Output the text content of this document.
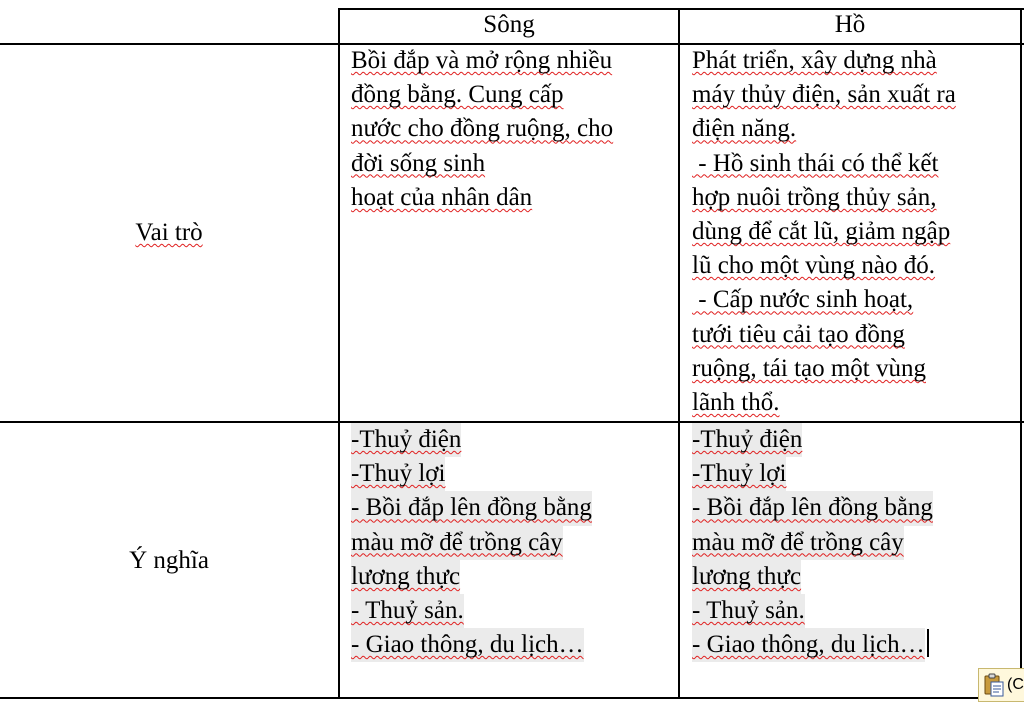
Sông	Hồ
Vai trò
Ý nghĩa
Bồi đắp và mở rộng nhiều
đồng bằng. Cung cấp
nước cho đồng ruộng, cho
đời sống sinh
hoạt của nhân dân
Phát triển, xây dựng nhà
máy thủy điện, sản xuất ra
điện năng.
- Hồ sinh thái có thể kết
hợp nuôi trồng thủy sản,
dùng để cắt lũ, giảm ngập
lũ cho một vùng nào đó.
- Cấp nước sinh hoạt,
tưới tiêu cải tạo đồng
ruộng, tái tạo một vùng
lãnh thổ.
-Thuỷ điện
-Thuỷ lợi
- Bồi đắp lên đồng bằng
màu mỡ để trồng cây
lương thực
- Thuỷ sản.
- Giao thông, du lịch…
-Thuỷ điện
-Thuỷ lợi
- Bồi đắp lên đồng bằng
màu mỡ để trồng cây
lương thực
- Thuỷ sản.
- Giao thông, du lịch…
(C
